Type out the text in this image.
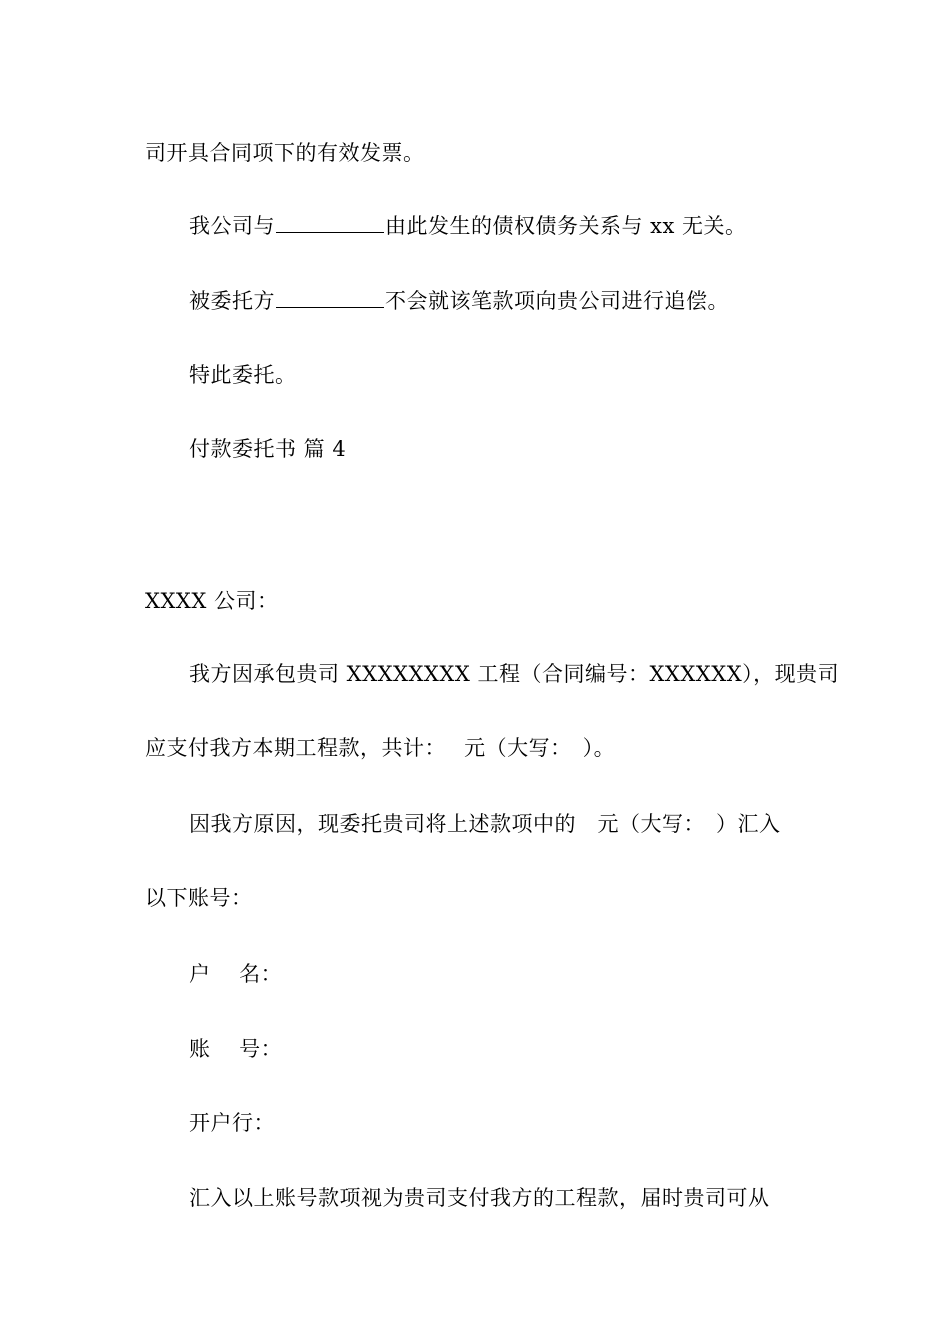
司开具合同项下的有效发票。
我公司与	由此发生的债权债务关系与 xx 无关。
被委托方	不会就该笔款项向贵公司进行追偿。
特此委托。
付款委托书 篇 4
XXXX 公司：
我方因承包贵司 XXXXXXXX 工程（合同编号：XXXXXX），现贵司
应支付我方本期工程款，共计：　 元（大写：　）。
因我方原因，现委托贵司将上述款项中的　元（大写：　）汇入
以下账号：
户　 名：
账　 号：
开户行：
汇入以上账号款项视为贵司支付我方的工程款，届时贵司可从
